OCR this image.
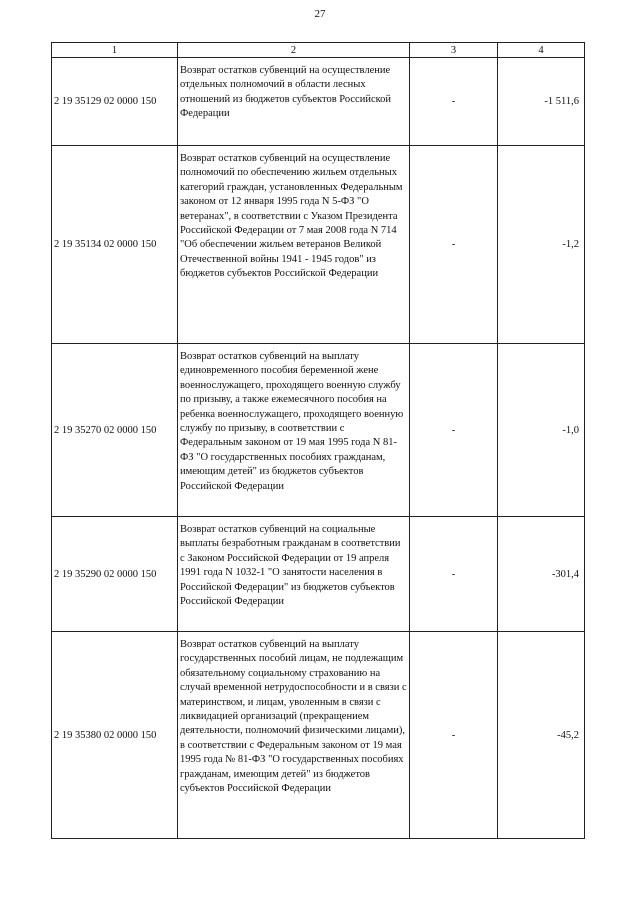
27
1	2	3	4
2 19 35129 02 0000 150	Возврат остатков субвенций на осуществление отдельных полномочий в области лесных отношений из бюджетов субъектов Российской Федерации	-	-1 511,6
2 19 35134 02 0000 150	Возврат остатков субвенций на осуществление полномочий по обеспечению жильем отдельных категорий граждан, установленных Федеральным законом от 12 января 1995 года N 5-ФЗ "О ветеранах", в соответствии с Указом Президента Российской Федерации от 7 мая 2008 года N 714 "Об обеспечении жильем ветеранов Великой Отечественной войны 1941 - 1945 годов" из бюджетов субъектов Российской Федерации	-	-1,2
2 19 35270 02 0000 150	Возврат остатков субвенций на выплату единовременного пособия беременной жене военнослужащего, проходящего военную службу по призыву, а также ежемесячного пособия на ребенка военнослужащего, проходящего военную службу по призыву, в соответствии с Федеральным законом от 19 мая 1995 года N 81-ФЗ "О государственных пособиях гражданам, имеющим детей" из бюджетов субъектов Российской Федерации	-	-1,0
2 19 35290 02 0000 150	Возврат остатков субвенций на социальные выплаты безработным гражданам в соответствии с Законом Российской Федерации от 19 апреля 1991 года N 1032-1 "О занятости населения в Российской Федерации" из бюджетов субъектов Российской Федерации	-	-301,4
2 19 35380 02 0000 150	Возврат остатков субвенций на выплату государственных пособий лицам, не подлежащим обязательному социальному страхованию на случай временной нетрудоспособности и в связи с материнством, и лицам, уволенным в связи с ликвидацией организаций (прекращением деятельности, полномочий физическими лицами), в соответствии с Федеральным законом от 19 мая 1995 года № 81-ФЗ "О государственных пособиях гражданам, имеющим детей" из бюджетов субъектов Российской Федерации	-	-45,2
